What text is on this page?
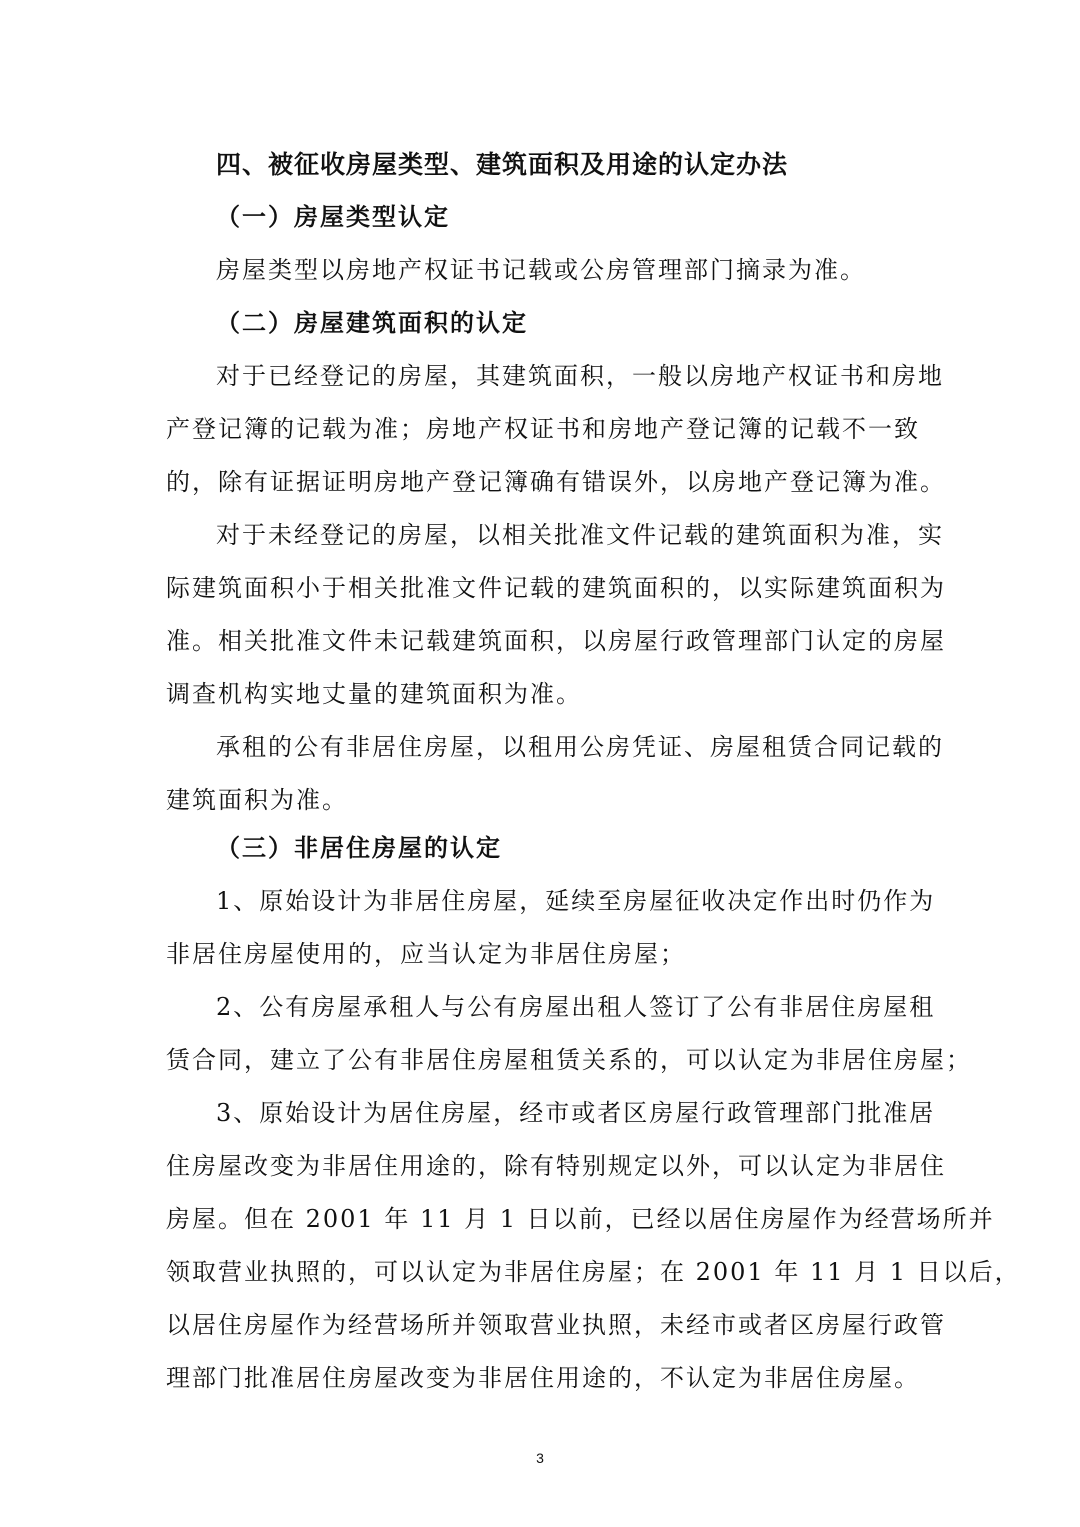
四、被征收房屋类型、建筑面积及用途的认定办法

（一）房屋类型认定

房屋类型以房地产权证书记载或公房管理部门摘录为准。

（二）房屋建筑面积的认定

对于已经登记的房屋，其建筑面积，一般以房地产权证书和房地

产登记簿的记载为准；房地产权证书和房地产登记簿的记载不一致

的，除有证据证明房地产登记簿确有错误外，以房地产登记簿为准。

对于未经登记的房屋，以相关批准文件记载的建筑面积为准，实

际建筑面积小于相关批准文件记载的建筑面积的，以实际建筑面积为

准。相关批准文件未记载建筑面积，以房屋行政管理部门认定的房屋

调查机构实地丈量的建筑面积为准。

承租的公有非居住房屋，以租用公房凭证、房屋租赁合同记载的

建筑面积为准。

（三）非居住房屋的认定

1、原始设计为非居住房屋，延续至房屋征收决定作出时仍作为

非居住房屋使用的，应当认定为非居住房屋；

2、公有房屋承租人与公有房屋出租人签订了公有非居住房屋租

赁合同，建立了公有非居住房屋租赁关系的，可以认定为非居住房屋；

3、原始设计为居住房屋，经市或者区房屋行政管理部门批准居

住房屋改变为非居住用途的，除有特别规定以外，可以认定为非居住

房屋。但在 2001 年 11 月 1 日以前，已经以居住房屋作为经营场所并

领取营业执照的，可以认定为非居住房屋；在 2001 年 11 月 1 日以后，

以居住房屋作为经营场所并领取营业执照，未经市或者区房屋行政管

理部门批准居住房屋改变为非居住用途的，不认定为非居住房屋。

3
